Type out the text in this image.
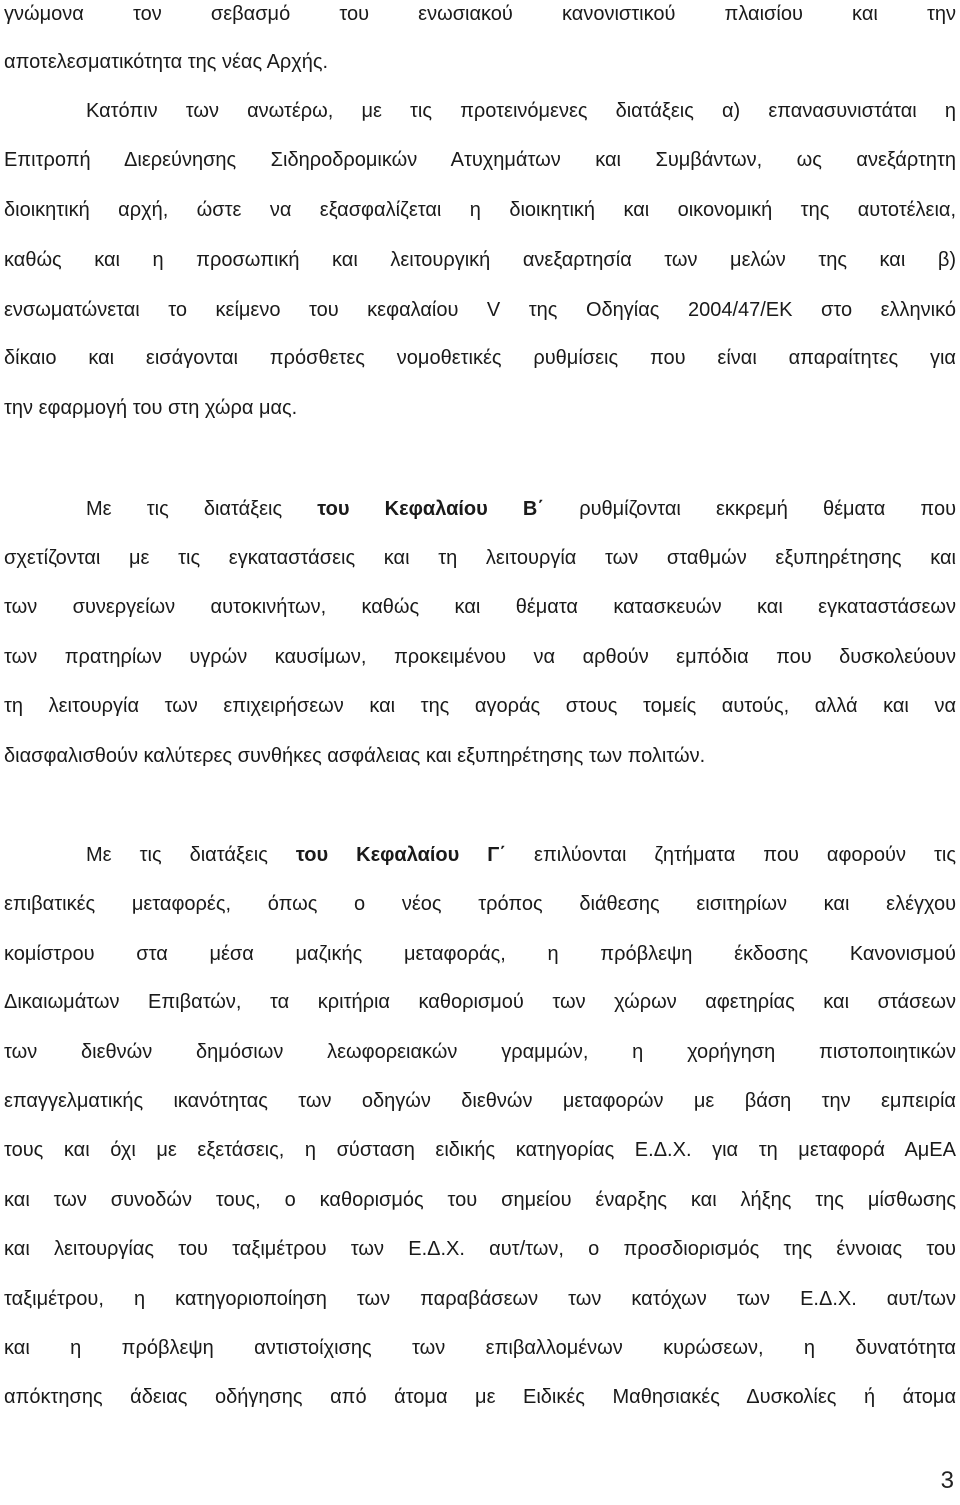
γνώμονα τον σεβασμό του ενωσιακού κανονιστικού πλαισίου και την
αποτελεσματικότητα της νέας Αρχής.
Κατόπιν των ανωτέρω, με τις προτεινόμενες διατάξεις α) επανασυνιστάται η
Επιτροπή Διερεύνησης Σιδηροδρομικών Ατυχημάτων και Συμβάντων, ως ανεξάρτητη
διοικητική αρχή, ώστε να εξασφαλίζεται η διοικητική και οικονομική της αυτοτέλεια,
καθώς και η προσωπική και λειτουργική ανεξαρτησία των μελών της και β)
ενσωματώνεται το κείμενο του κεφαλαίου V της Οδηγίας 2004/47/ΕΚ στο ελληνικό
δίκαιο και εισάγονται πρόσθετες νομοθετικές ρυθμίσεις που είναι απαραίτητες για
την εφαρμογή του στη χώρα μας.
Με τις διατάξεις του Κεφαλαίου Β΄ ρυθμίζονται εκκρεμή θέματα που
σχετίζονται με τις εγκαταστάσεις και τη λειτουργία των σταθμών εξυπηρέτησης και
των συνεργείων αυτοκινήτων, καθώς και θέματα κατασκευών και εγκαταστάσεων
των πρατηρίων υγρών καυσίμων, προκειμένου να αρθούν εμπόδια που δυσκολεύουν
τη λειτουργία των επιχειρήσεων και της αγοράς στους τομείς αυτούς, αλλά και να
διασφαλισθούν καλύτερες συνθήκες ασφάλειας και εξυπηρέτησης των πολιτών.
Με τις διατάξεις του Κεφαλαίου Γ΄ επιλύονται ζητήματα που αφορούν τις
επιβατικές μεταφορές, όπως ο νέος τρόπος διάθεσης εισιτηρίων και ελέγχου
κομίστρου στα μέσα μαζικής μεταφοράς, η πρόβλεψη έκδοσης Κανονισμού
Δικαιωμάτων Επιβατών, τα κριτήρια καθορισμού των χώρων αφετηρίας και στάσεων
των διεθνών δημόσιων λεωφορειακών γραμμών, η χορήγηση πιστοποιητικών
επαγγελματικής ικανότητας των οδηγών διεθνών μεταφορών με βάση την εμπειρία
τους και όχι με εξετάσεις, η σύσταση ειδικής κατηγορίας Ε.Δ.Χ. για τη μεταφορά ΑμΕΑ
και των συνοδών τους, ο καθορισμός του σημείου έναρξης και λήξης της μίσθωσης
και λειτουργίας του ταξιμέτρου των Ε.Δ.Χ. αυτ/των, ο προσδιορισμός της έννοιας του
ταξιμέτρου, η κατηγοριοποίηση των παραβάσεων των κατόχων των Ε.Δ.Χ. αυτ/των
και η πρόβλεψη αντιστοίχισης των επιβαλλομένων κυρώσεων, η δυνατότητα
απόκτησης άδειας οδήγησης από άτομα με Ειδικές Μαθησιακές Δυσκολίες ή άτομα
3
